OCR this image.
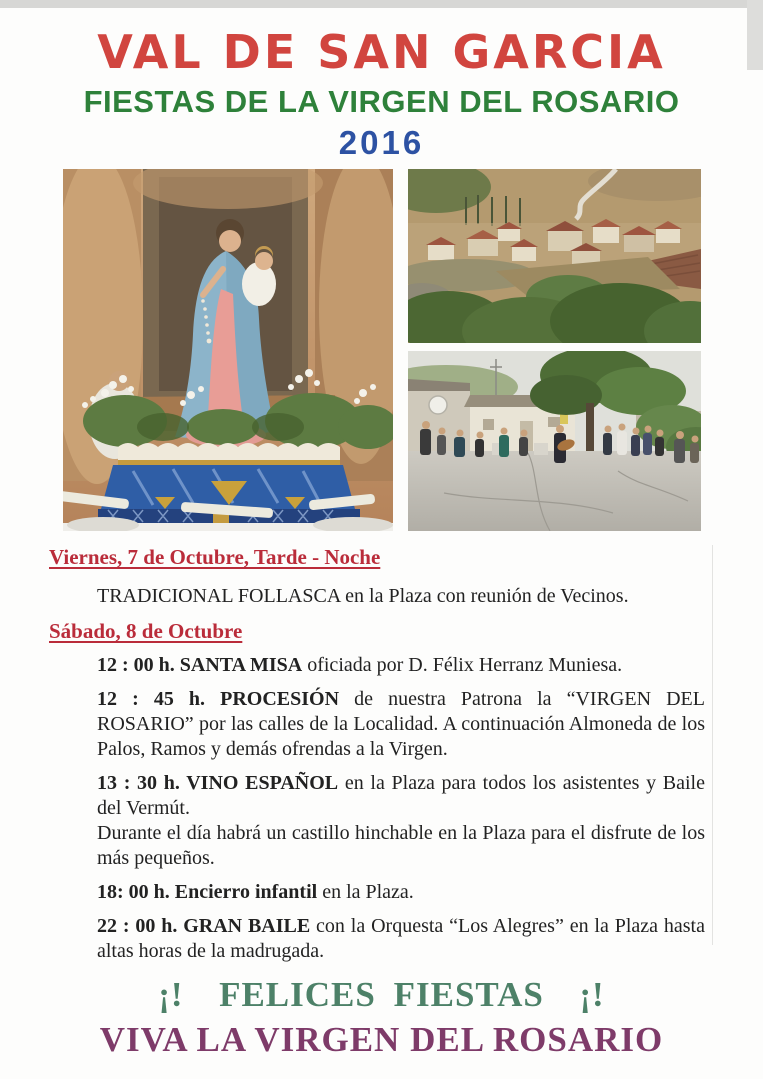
VAL DE SAN GARCIA
FIESTAS DE LA VIRGEN DEL ROSARIO
2016
Viernes, 7 de Octubre, Tarde - Noche

TRADICIONAL FOLLASCA en la Plaza con reunión de Vecinos.

Sábado, 8 de Octubre

12 : 00 h. SANTA MISA oficiada por D. Félix Herranz Muniesa.

12 : 45 h. PROCESIÓN de nuestra Patrona la “VIRGEN DEL ROSARIO” por las calles de la Localidad. A continuación Almoneda de los Palos, Ramos y demás ofrendas a la Virgen.

13 : 30 h. VINO ESPAÑOL en la Plaza para todos los asistentes y Baile del Vermút.
Durante el día habrá un castillo hinchable en la Plaza para el disfrute de los más pequeños.

18: 00 h. Encierro infantil en la Plaza.

22 : 00 h. GRAN BAILE con la Orquesta “Los Alegres” en la Plaza hasta altas horas de la madrugada.

¡!  FELICES FIESTAS  ¡!
VIVA LA VIRGEN DEL ROSARIO
